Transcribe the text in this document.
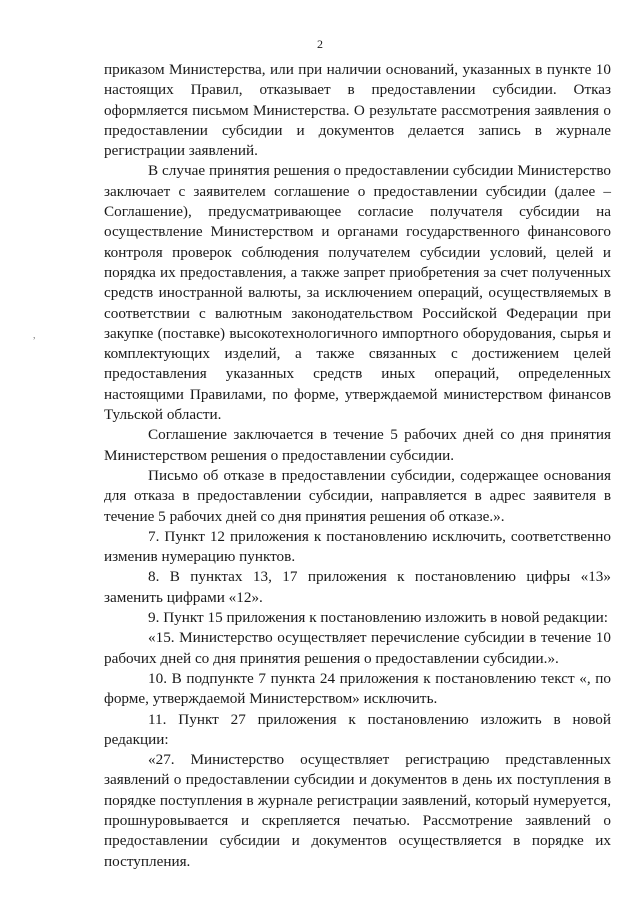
2
,

приказом Министерства, или при наличии оснований, указанных в пункте 10 настоящих Правил, отказывает в предоставлении субсидии. Отказ оформляется письмом Министерства. О результате рассмотрения заявления о предоставлении субсидии и документов делается запись в журнале регистрации заявлений.

В случае принятия решения о предоставлении субсидии Министерство заключает с заявителем соглашение о предоставлении субсидии (далее – Соглашение), предусматривающее согласие получателя субсидии на осуществление Министерством и органами государственного финансового контроля проверок соблюдения получателем субсидии условий, целей и порядка их предоставления, а также запрет приобретения за счет полученных средств иностранной валюты, за исключением операций, осуществляемых в соответствии с валютным законодательством Российской Федерации при закупке (поставке) высокотехнологичного импортного оборудования, сырья и комплектующих изделий, а также связанных с достижением целей предоставления указанных средств иных операций, определенных настоящими Правилами, по форме, утверждаемой министерством финансов Тульской области.

Соглашение заключается в течение 5 рабочих дней со дня принятия Министерством решения о предоставлении субсидии.

Письмо об отказе в предоставлении субсидии, содержащее основания для отказа в предоставлении субсидии, направляется в адрес заявителя в течение 5 рабочих дней со дня принятия решения об отказе.».

7. Пункт 12 приложения к постановлению исключить, соответственно изменив нумерацию пунктов.

8. В пунктах 13, 17 приложения к постановлению цифры «13» заменить цифрами «12».

9. Пункт 15 приложения к постановлению изложить в новой редакции:

«15. Министерство осуществляет перечисление субсидии в течение 10 рабочих дней со дня принятия решения о предоставлении субсидии.».

10. В подпункте 7 пункта 24 приложения к постановлению текст «, по форме, утверждаемой Министерством» исключить.

11. Пункт 27 приложения к постановлению изложить в новой редакции:

«27. Министерство осуществляет регистрацию представленных заявлений о предоставлении субсидии и документов в день их поступления в порядке поступления в журнале регистрации заявлений, который нумеруется, прошнуровывается и скрепляется печатью. Рассмотрение заявлений о предоставлении субсидии и документов осуществляется в порядке их поступления.
